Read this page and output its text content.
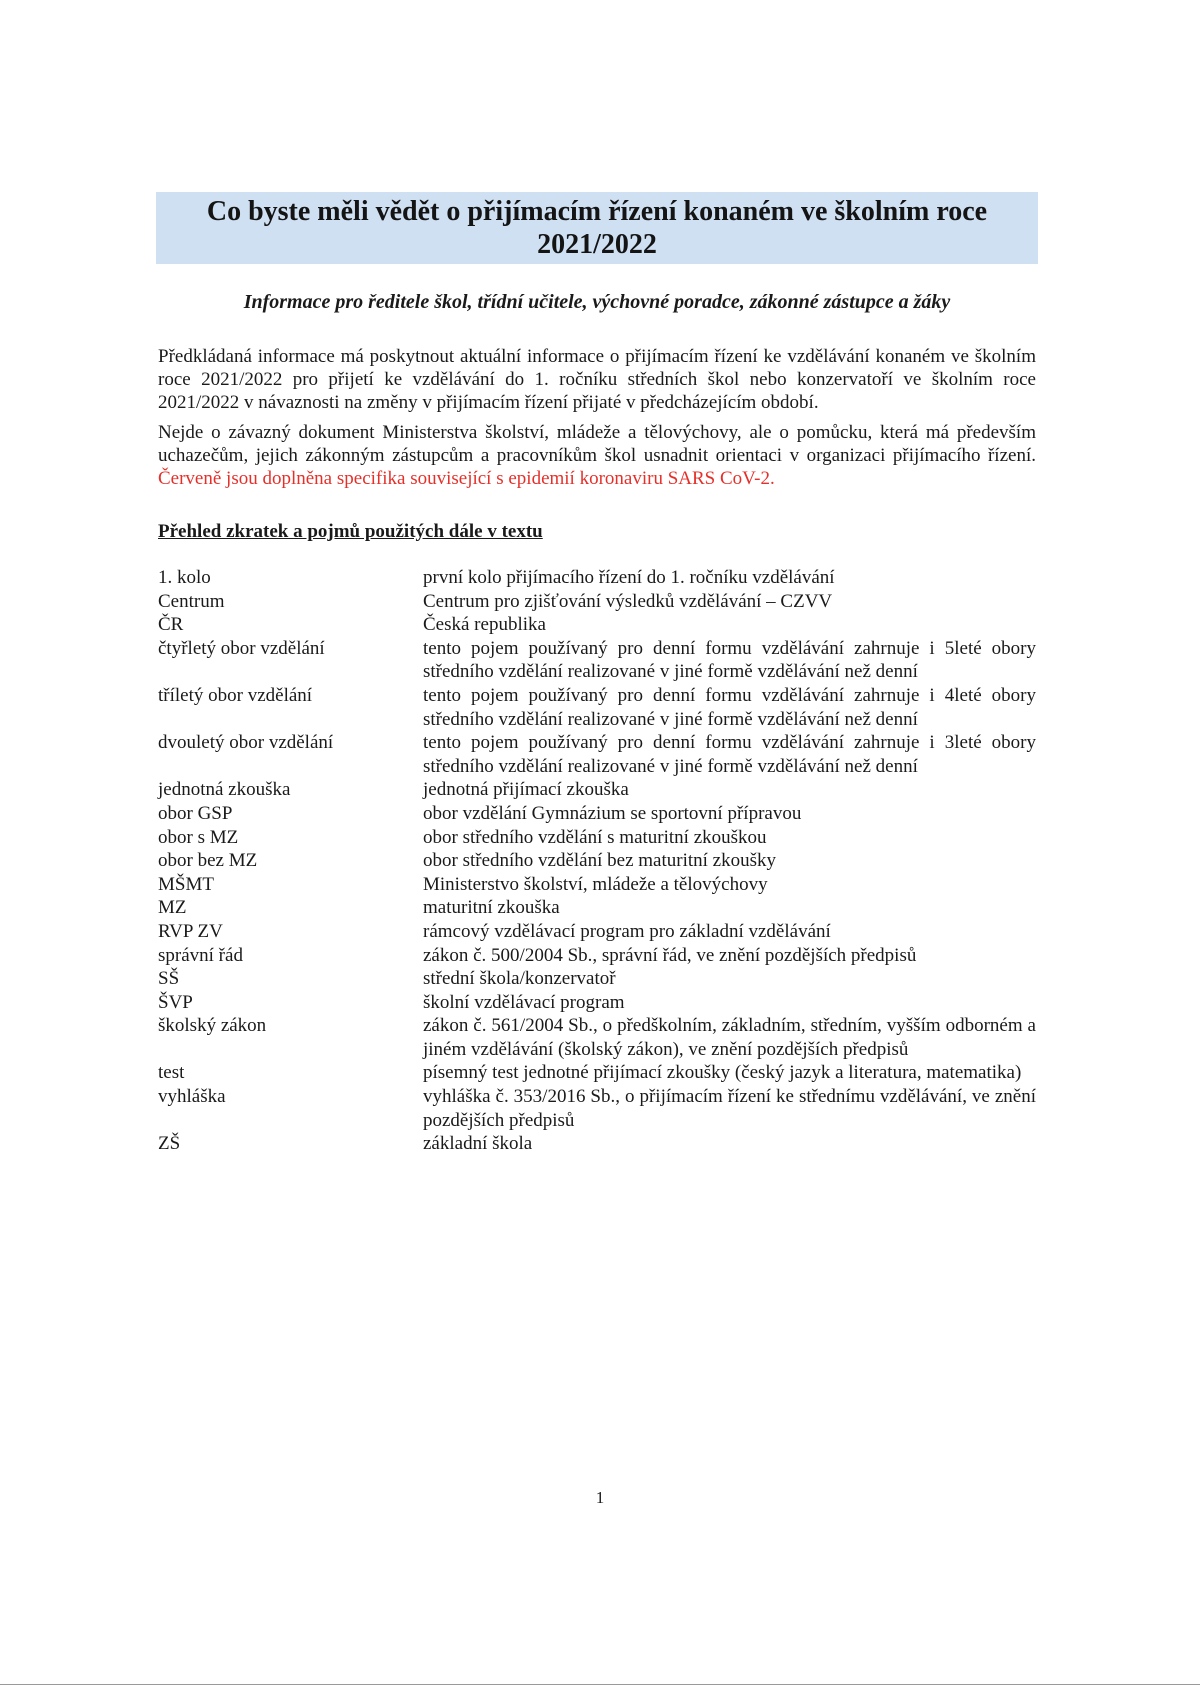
Co byste měli vědět o přijímacím řízení konaném ve školním roce
2021/2022
Informace pro ředitele škol, třídní učitele, výchovné poradce, zákonné zástupce a žáky

Předkládaná informace má poskytnout aktuální informace o přijímacím řízení ke vzdělávání konaném ve školním roce 2021/2022 pro přijetí ke vzdělávání do 1. ročníku středních škol nebo konzervatoří ve školním roce 2021/2022 v návaznosti na změny v přijímacím řízení přijaté v předcházejícím období.

Nejde o závazný dokument Ministerstva školství, mládeže a tělovýchovy, ale o pomůcku, která má především uchazečům, jejich zákonným zástupcům a pracovníkům škol usnadnit orientaci v organizaci přijímacího řízení. Červeně jsou doplněna specifika související s epidemií koronaviru SARS CoV-2.

Přehled zkratek a pojmů použitých dále v textu
1. kolo	první kolo přijímacího řízení do 1. ročníku vzdělávání
Centrum	Centrum pro zjišťování výsledků vzdělávání – CZVV
ČR	Česká republika
čtyřletý obor vzdělání	tento pojem používaný pro denní formu vzdělávání zahrnuje i 5leté obory středního vzdělání realizované v jiné formě vzdělávání než denní
tříletý obor vzdělání	tento pojem používaný pro denní formu vzdělávání zahrnuje i 4leté obory středního vzdělání realizované v jiné formě vzdělávání než denní
dvouletý obor vzdělání	tento pojem používaný pro denní formu vzdělávání zahrnuje i 3leté obory středního vzdělání realizované v jiné formě vzdělávání než denní
jednotná zkouška	jednotná přijímací zkouška
obor GSP	obor vzdělání Gymnázium se sportovní přípravou
obor s MZ	obor středního vzdělání s maturitní zkouškou
obor bez MZ	obor středního vzdělání bez maturitní zkoušky
MŠMT	Ministerstvo školství, mládeže a tělovýchovy
MZ	maturitní zkouška
RVP ZV	rámcový vzdělávací program pro základní vzdělávání
správní řád	zákon č. 500/2004 Sb., správní řád, ve znění pozdějších předpisů
SŠ	střední škola/konzervatoř
ŠVP	školní vzdělávací program
školský zákon	zákon č. 561/2004 Sb., o předškolním, základním, středním, vyšším odborném a jiném vzdělávání (školský zákon), ve znění pozdějších předpisů
test	písemný test jednotné přijímací zkoušky (český jazyk a literatura, matematika)
vyhláška	vyhláška č. 353/2016 Sb., o přijímacím řízení ke střednímu vzdělávání, ve znění pozdějších předpisů
ZŠ	základní škola
1
